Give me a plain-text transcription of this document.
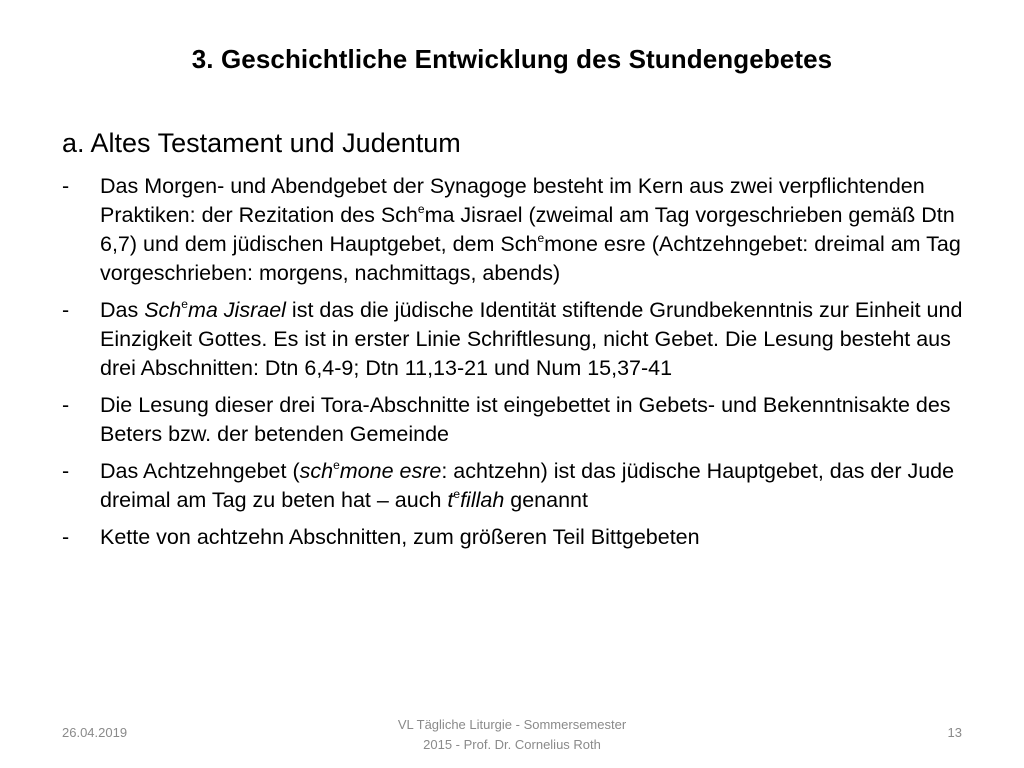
3. Geschichtliche Entwicklung des Stundengebetes
a. Altes Testament und Judentum
- Das Morgen- und Abendgebet der Synagoge besteht im Kern aus zwei verpflichtenden Praktiken: der Rezitation des Sch$^e$ma Jisrael (zweimal am Tag vorgeschrieben gemäß Dtn 6,7) und dem jüdischen Hauptgebet, dem Sch$^e$mone esre (Achtzehngebet: dreimal am Tag vorgeschrieben: morgens, nachmittags, abends)
- Das Sch$^e$ma Jisrael ist das die jüdische Identität stiftende Grundbekenntnis zur Einheit und Einzigkeit Gottes. Es ist in erster Linie Schriftlesung, nicht Gebet. Die Lesung besteht aus drei Abschnitten: Dtn 6,4-9; Dtn 11,13-21 und Num 15,37-41
- Die Lesung dieser drei Tora-Abschnitte ist eingebettet in Gebets- und Bekenntnisakte des Beters bzw. der betenden Gemeinde
- Das Achtzehngebet (sch$^e$mone esre: achtzehn) ist das jüdische Hauptgebet, das der Jude dreimal am Tag zu beten hat – auch $t^efillah$ genannt
- Kette von achtzehn Abschnitten, zum größeren Teil Bittgebeten
26.04.2019
VL Tägliche Liturgie - Sommersemester
2015 - Prof. Dr. Cornelius Roth
13
